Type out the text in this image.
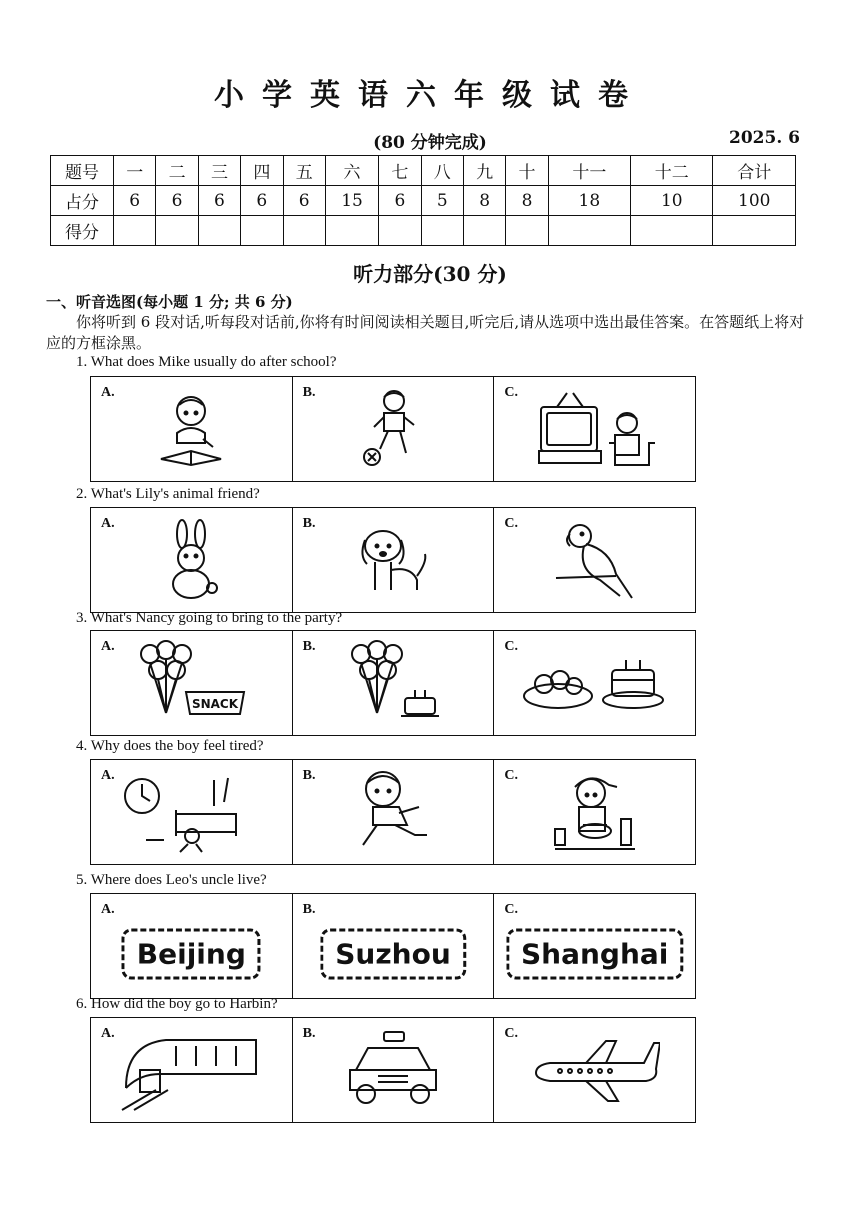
小学英语六年级试卷
(80 分钟完成)	2025. 6
题号	一	二	三	四	五	六	七	八	九	十	十一	十二	合计
占分	6	6	6	6	6	15	6	5	8	8	18	10	100
得分													
听力部分(30 分)
一、听音选图(每小题 1 分; 共 6 分)
你将听到 6 段对话,听每段对话前,你将有时间阅读相关题目,听完后,请从选项中选出最佳答案。在答题纸上将对应的方框涂黑。
1. What does Mike usually do after school?
A.	B.	C.
2. What's Lily's animal friend?
A.	B.	C.
3. What's Nancy going to bring to the party?
A.
SNACK
B.	C.
4. Why does the boy feel tired?
A.	B.	C.
5. Where does Leo's uncle live?
A.
Beijing
B.
Suzhou
C.
Shanghai
6. How did the boy go to Harbin?
A.	B.	C.
